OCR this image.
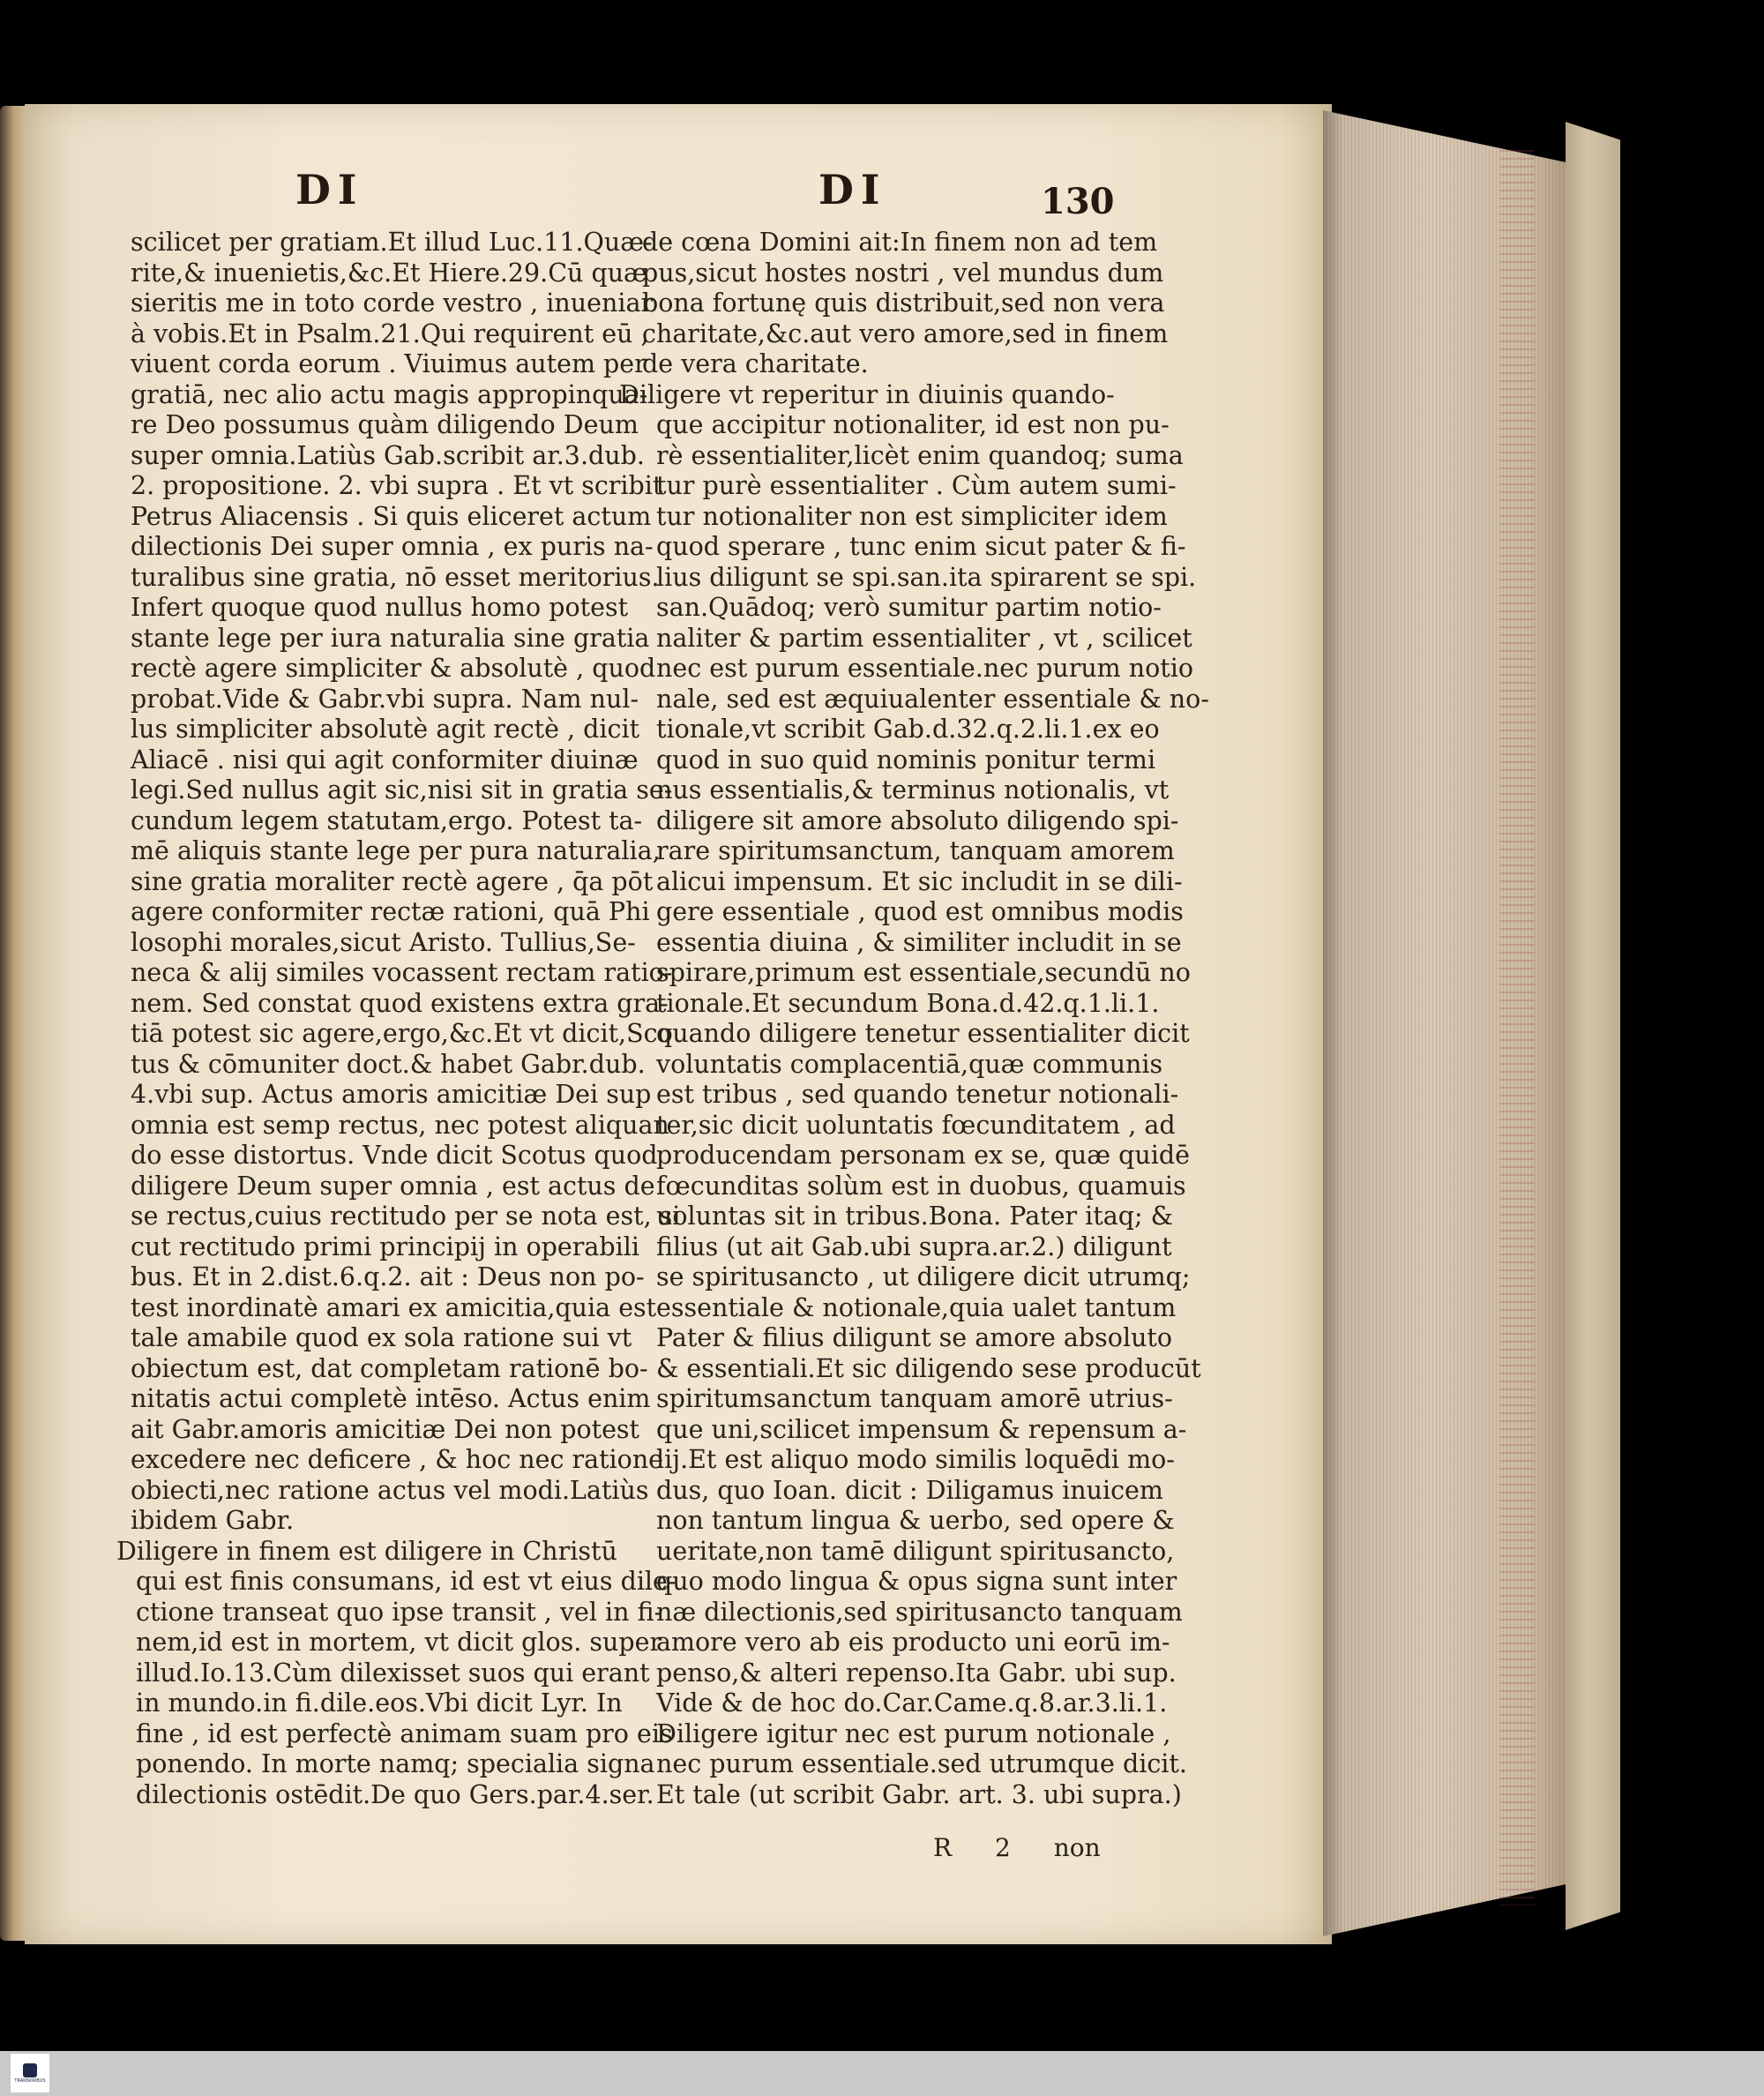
DI	DI	130
scilicet per gratiam.Et illud Luc.11.Quæ-
rite,& inuenietis,&c.Et Hiere.29.Cū quæ
sieritis me in toto corde vestro , inueniar
à vobis.Et in Psalm.21.Qui requirent eū ,
viuent corda eorum . Viuimus autem per
gratiā, nec alio actu magis appropinqua-
re Deo possumus quàm diligendo Deum
super omnia.Latiùs Gab.scribit ar.3.dub.
2. propositione. 2. vbi supra . Et vt scribit
Petrus Aliacensis . Si quis eliceret actum
dilectionis Dei super omnia , ex puris na-
turalibus sine gratia, nō esset meritorius.
Infert quoque quod nullus homo potest
stante lege per iura naturalia sine gratia
rectè agere simpliciter & absolutè , quod
probat.Vide & Gabr.vbi supra. Nam nul-
lus simpliciter absolutè agit rectè , dicit
Aliacē . nisi qui agit conformiter diuinæ
legi.Sed nullus agit sic,nisi sit in gratia se-
cundum legem statutam,ergo. Potest ta-
mē aliquis stante lege per pura naturalia,
sine gratia moraliter rectè agere , q̄a pōt
agere conformiter rectæ rationi, quā Phi
losophi morales,sicut Aristo. Tullius,Se-
neca & alij similes vocassent rectam ratio-
nem. Sed constat quod existens extra gra-
tiā potest sic agere,ergo,&c.Et vt dicit,Sco
tus & cōmuniter doct.& habet Gabr.dub.
4.vbi sup. Actus amoris amicitiæ Dei sup
omnia est semp rectus, nec potest aliquan
do esse distortus. Vnde dicit Scotus quod
diligere Deum super omnia , est actus de
se rectus,cuius rectitudo per se nota est, si
cut rectitudo primi principij in operabili
bus. Et in 2.dist.6.q.2. ait : Deus non po-
test inordinatè amari ex amicitia,quia est
tale amabile quod ex sola ratione sui vt
obiectum est, dat completam rationē bo-
nitatis actui completè intēso. Actus enim
ait Gabr.amoris amicitiæ Dei non potest
excedere nec deficere , & hoc nec ratione
obiecti,nec ratione actus vel modi.Latiùs
ibidem Gabr.
Diligere in finem est diligere in Christū
qui est finis consumans, id est vt eius dile-
ctione transeat quo ipse transit , vel in fi-
nem,id est in mortem, vt dicit glos. super
illud.Io.13.Cùm dilexisset suos qui erant
in mundo.in fi.dile.eos.Vbi dicit Lyr. In
fine , id est perfectè animam suam pro eis
ponendo. In morte namq; specialia signa
dilectionis ostēdit.De quo Gers.par.4.ser.
de cœna Domini ait:In finem non ad tem
pus,sicut hostes nostri , vel mundus dum
bona fortunę quis distribuit,sed non vera
charitate,&c.aut vero amore,sed in finem
de vera charitate.
Diligere vt reperitur in diuinis quando-
que accipitur notionaliter, id est non pu-
rè essentialiter,licèt enim quandoq; suma
tur purè essentialiter . Cùm autem sumi-
tur notionaliter non est simpliciter idem
quod sperare , tunc enim sicut pater & fi-
lius diligunt se spi.san.ita spirarent se spi.
san.Quādoq; verò sumitur partim notio-
naliter & partim essentialiter , vt , scilicet
nec est purum essentiale.nec purum notio
nale, sed est æquiualenter essentiale & no-
tionale,vt scribit Gab.d.32.q.2.li.1.ex eo
quod in suo quid nominis ponitur termi
nus essentialis,& terminus notionalis, vt
diligere sit amore absoluto diligendo spi-
rare spiritumsanctum, tanquam amorem
alicui impensum. Et sic includit in se dili-
gere essentiale , quod est omnibus modis
essentia diuina , & similiter includit in se
spirare,primum est essentiale,secundū no
tionale.Et secundum Bona.d.42.q.1.li.1.
quando diligere tenetur essentialiter dicit
voluntatis complacentiā,quæ communis
est tribus , sed quando tenetur notionali-
ter,sic dicit uoluntatis fœcunditatem , ad
producendam personam ex se, quæ quidē
fœcunditas solùm est in duobus, quamuis
uoluntas sit in tribus.Bona. Pater itaq; &
filius (ut ait Gab.ubi supra.ar.2.) diligunt
se spiritusancto , ut diligere dicit utrumq;
essentiale & notionale,quia ualet tantum
Pater & filius diligunt se amore absoluto
& essentiali.Et sic diligendo sese producūt
spiritumsanctum tanquam amorē utrius-
que uni,scilicet impensum & repensum a-
lij.Et est aliquo modo similis loquēdi mo-
dus, quo Ioan. dicit : Diligamus inuicem
non tantum lingua & uerbo, sed opere &
ueritate,non tamē diligunt spiritusancto,
quo modo lingua & opus signa sunt inter
næ dilectionis,sed spiritusancto tanquam
amore vero ab eis producto uni eorū im-
penso,& alteri repenso.Ita Gabr. ubi sup.
Vide & de hoc do.Car.Came.q.8.ar.3.li.1.
Diligere igitur nec est purum notionale ,
nec purum essentiale.sed utrumque dicit.
Et tale (ut scribit Gabr. art. 3. ubi supra.)
R 2 non
TRANSKRIBUS
